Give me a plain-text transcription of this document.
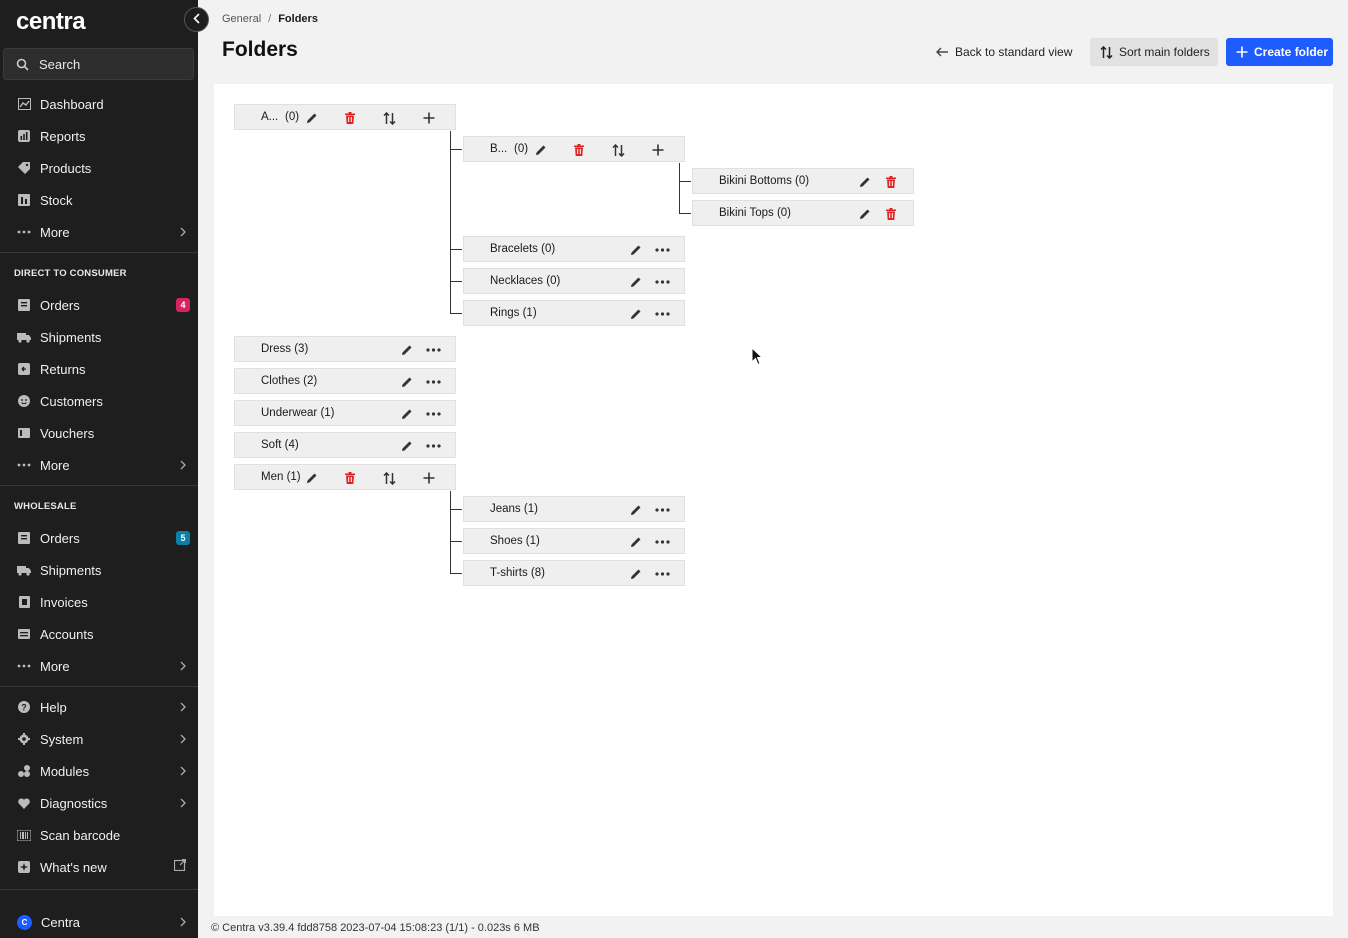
centra
Search
Dashboard
Reports
Products
Stock
More
DIRECT TO CONSUMER
Orders	4
Shipments
Returns
Customers
Vouchers
More
WHOLESALE
Orders	5
Shipments
Invoices
Accounts
More
? Help
System
Modules
Diagnostics
Scan barcode
What's new
C	Centra
General / Folders
Folders	Back to standard view	Sort main folders	Create folder
A... (0)
B... (0)
Bikini Bottoms (0)
Bikini Tops (0)
Bracelets (0)
Necklaces (0)
Rings (1)
Dress (3)
Clothes (2)
Underwear (1)
Soft (4)
Men (1)
Jeans (1)
Shoes (1)
T-shirts (8)
© Centra v3.39.4 fdd8758 2023-07-04 15:08:23 (1/1) - 0.023s 6 MB
